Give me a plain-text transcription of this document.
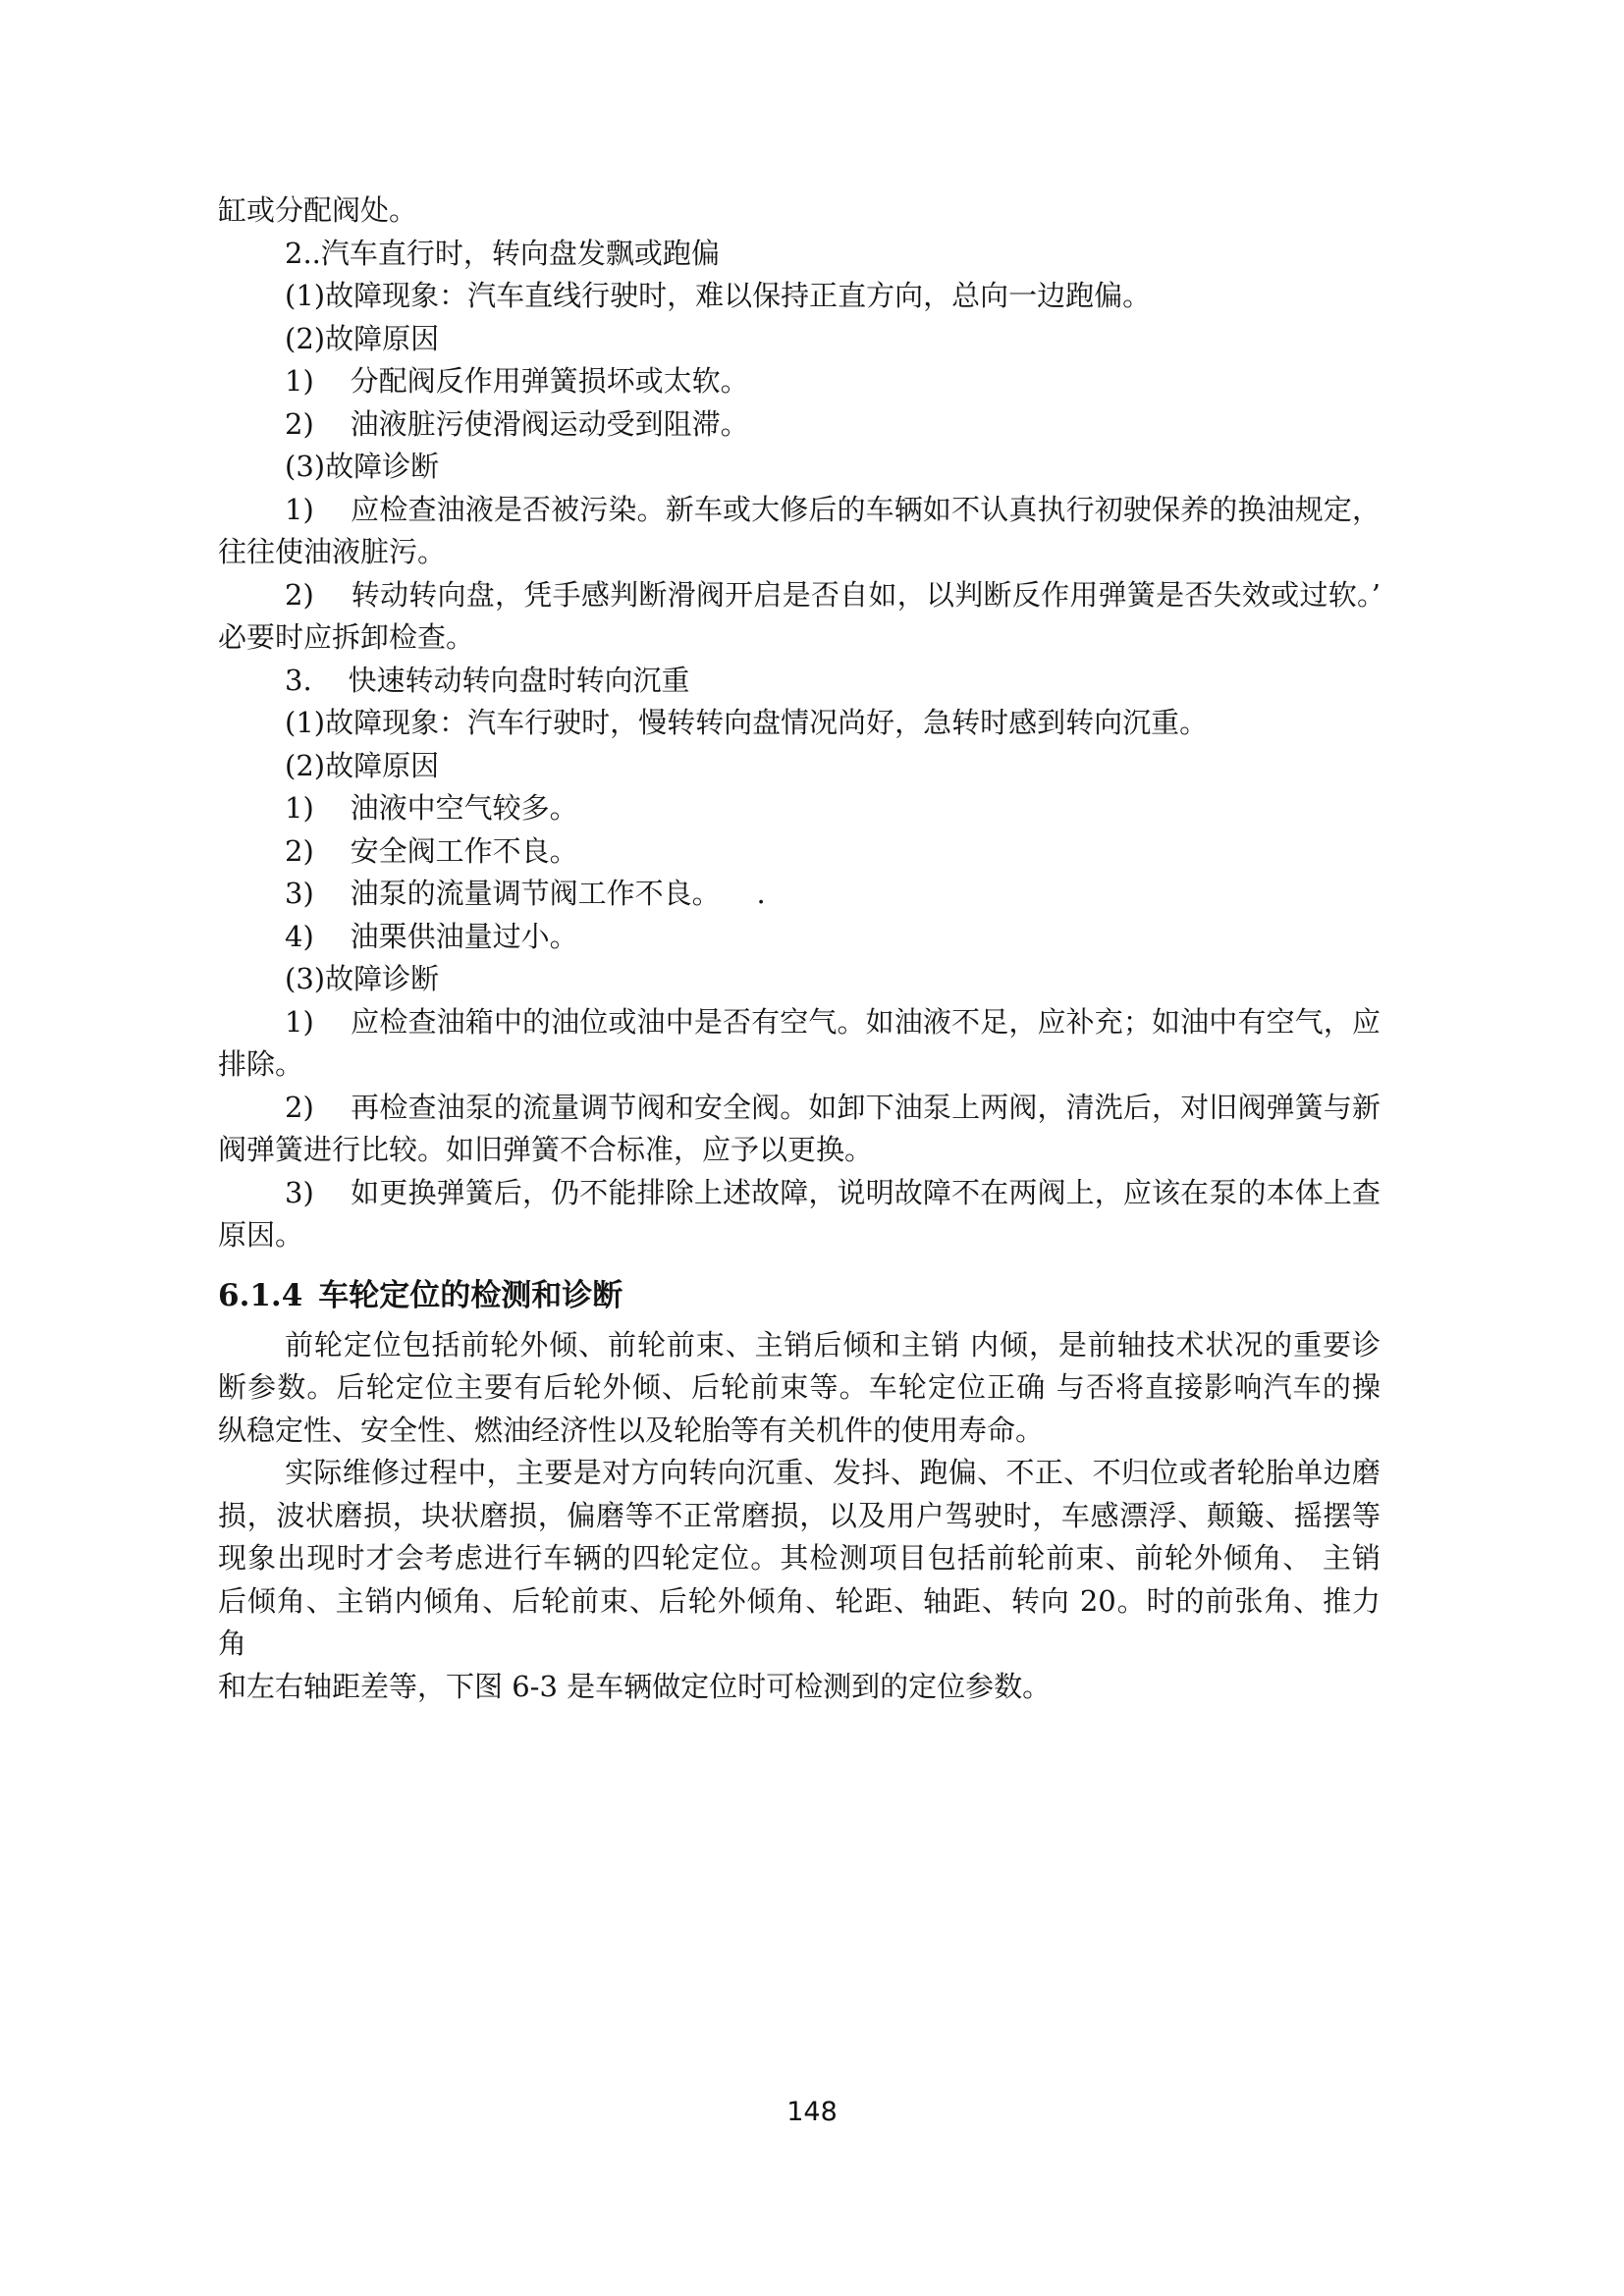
缸或分配阀处。
2..汽车直行时，转向盘发飘或跑偏
(1)故障现象：汽车直线行驶时，难以保持正直方向，总向一边跑偏。
(2)故障原因
1)    分配阀反作用弹簧损坏或太软。
2)    油液脏污使滑阀运动受到阻滞。
(3)故障诊断
1)    应检查油液是否被污染。新车或大修后的车辆如不认真执行初驶保养的换油规定，
往往使油液脏污。
2)    转动转向盘，凭手感判断滑阀开启是否自如，以判断反作用弹簧是否失效或过软。’
必要时应拆卸检查。
3.    快速转动转向盘时转向沉重
(1)故障现象：汽车行驶时，慢转转向盘情况尚好，急转时感到转向沉重。
(2)故障原因
1)    油液中空气较多。
2)    安全阀工作不良。
3)    油泵的流量调节阀工作不良。    .
4)    油栗供油量过小。
(3)故障诊断
1)    应检查油箱中的油位或油中是否有空气。如油液不足，应补充；如油中有空气，应
排除。
2)    再检查油泵的流量调节阀和安全阀。如卸下油泵上两阀，清洗后，对旧阀弹簧与新
阀弹簧进行比较。如旧弹簧不合标准，应予以更换。
3)    如更换弹簧后，仍不能排除上述故障，说明故障不在两阀上，应该在泵的本体上查
原因。
6.1.4 车轮定位的检测和诊断
前轮定位包括前轮外倾、前轮前束、主销后倾和主销 内倾，是前轴技术状况的重要诊
断参数。后轮定位主要有后轮外倾、后轮前束等。车轮定位正确 与否将直接影响汽车的操
纵稳定性、安全性、燃油经济性以及轮胎等有关机件的使用寿命。
实际维修过程中，主要是对方向转向沉重、发抖、跑偏、不正、不归位或者轮胎单边磨
损，波状磨损，块状磨损，偏磨等不正常磨损，以及用户驾驶时，车感漂浮、颠簸、摇摆等
现象出现时才会考虑进行车辆的四轮定位。其检测项目包括前轮前束、前轮外倾角、 主销
后倾角、主销内倾角、后轮前束、后轮外倾角、轮距、轴距、转向 20。时的前张角、推力 角
和左右轴距差等，下图 6-3 是车辆做定位时可检测到的定位参数。
148
